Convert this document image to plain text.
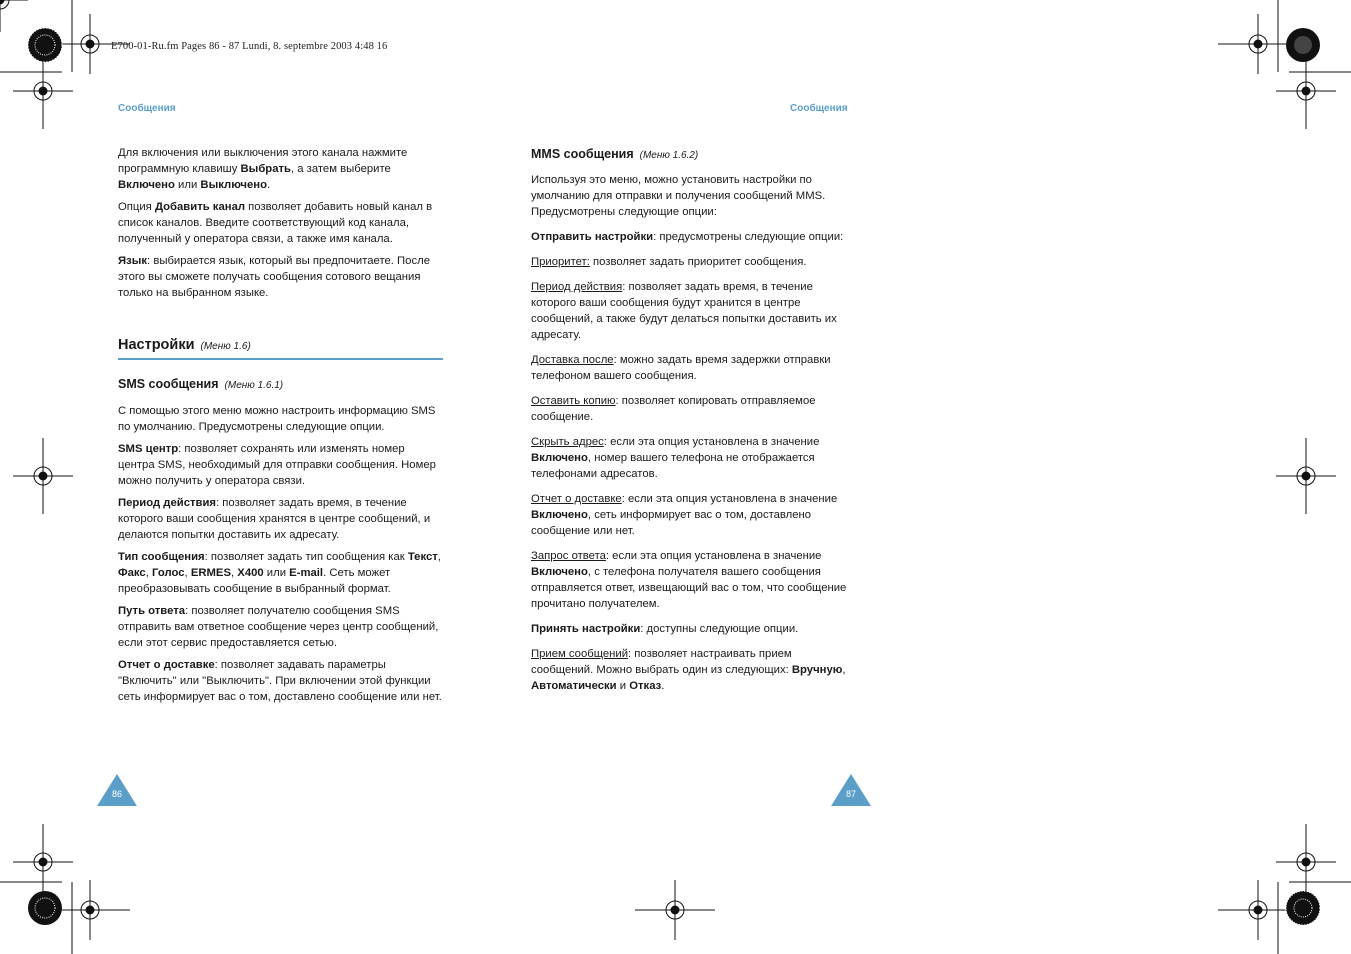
E700-01-Ru.fm Pages 86 - 87 Lundi, 8. septembre 2003 4:48 16
Сообщения	Сообщения

Для включения или выключения этого канала нажмите программную клавишу Выбрать, а затем выберите Включено или Выключено.

Опция Добавить канал позволяет добавить новый канал в список каналов. Введите соответствующий код канала, полученный у оператора связи, а также имя канала.

Язык: выбирается язык, который вы предпочитаете. После этого вы сможете получать сообщения сотового вещания только на выбранном языке.

Настройки (Меню 1.6)
SMS сообщения (Меню 1.6.1)

С помощью этого меню можно настроить информацию SMS по умолчанию. Предусмотрены следующие опции.

SMS центр: позволяет сохранять или изменять номер центра SMS, необходимый для отправки сообщения. Номер можно получить у оператора связи.

Период действия: позволяет задать время, в течение которого ваши сообщения хранятся в центре сообщений, и делаются попытки доставить их адресату.

Тип сообщения: позволяет задать тип сообщения как Текст, Факс, Голос, ERMES, X400 или E-mail. Сеть может преобразовывать сообщение в выбранный формат.

Путь ответа: позволяет получателю сообщения SMS отправить вам ответное сообщение через центр сообщений, если этот сервис предоставляется сетью.

Отчет о доставке: позволяет задавать параметры "Включить" или "Выключить". При включении этой функции сеть информирует вас о том, доставлено сообщение или нет.

MMS сообщения (Меню 1.6.2)

Используя это меню, можно установить настройки по умолчанию для отправки и получения сообщений MMS. Предусмотрены следующие опции:

Отправить настройки: предусмотрены следующие опции:

Приоритет: позволяет задать приоритет сообщения.

Период действия: позволяет задать время, в течение которого ваши сообщения будут хранится в центре сообщений, а также будут делаться попытки доставить их адресату.

Доставка после: можно задать время задержки отправки телефоном вашего сообщения.

Оставить копию: позволяет копировать отправляемое сообщение.

Скрыть адрес: если эта опция установлена в значение Включено, номер вашего телефона не отображается телефонами адресатов.

Отчет о доставке: если эта опция установлена в значение Включено, сеть информирует вас о том, доставлено сообщение или нет.

Запрос ответа: если эта опция установлена в значение Включено, с телефона получателя вашего сообщения отправляется ответ, извещающий вас о том, что сообщение прочитано получателем.

Принять настройки: доступны следующие опции.

Прием сообщений: позволяет настраивать прием сообщений. Можно выбрать один из следующих: Вручную, Автоматически и Отказ.

86	87
